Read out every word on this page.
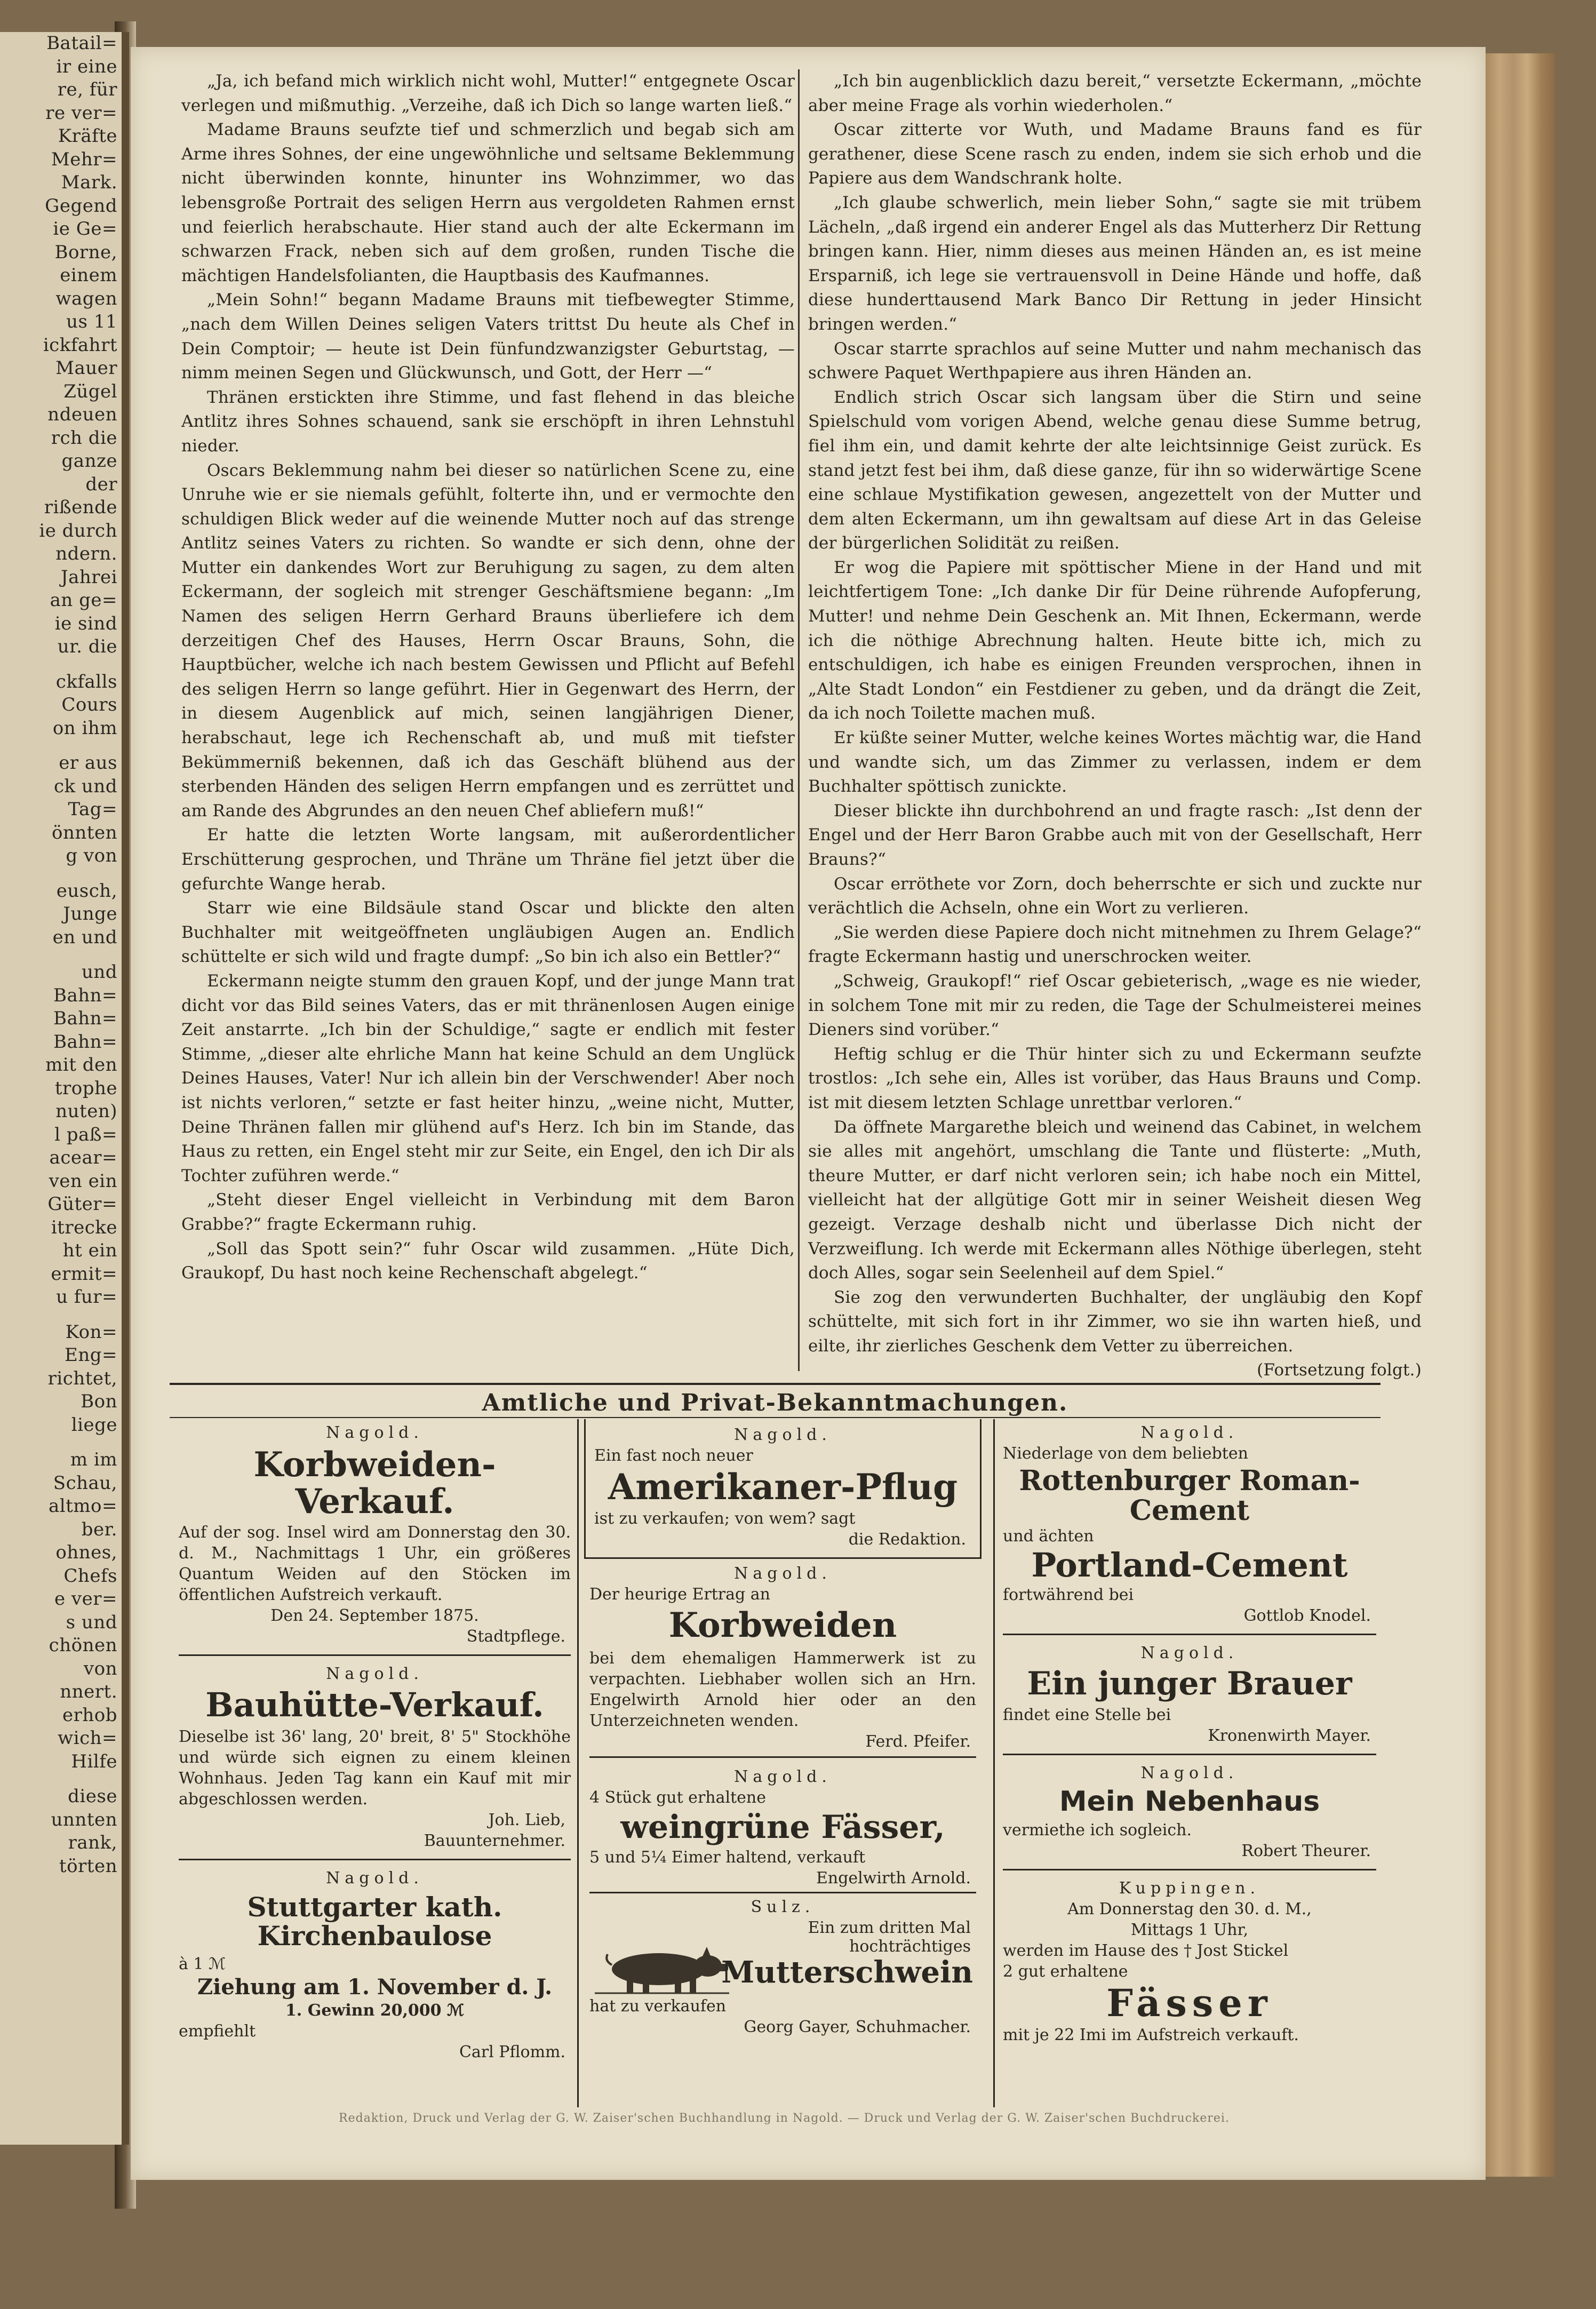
Batail=
ir eine
re, für
re ver=
Kräfte
Mehr=
Mark.
Gegend
ie Ge=
Borne,
einem
wagen
us 11
ickfahrt
Mauer
Zügel
ndeuen
rch die
ganze
der
rißende
ie durch
ndern.
Jahrei
an ge=
ie sind
ur. die
ckfalls
Cours
on ihm
er aus
ck und
Tag=
önnten
g von
eusch,
Junge
en und
und
Bahn=
Bahn=
Bahn=
mit den
trophe
nuten)
l paß=
acear=
ven ein
Güter=
itrecke
ht ein
ermit=
u fur=
Kon=
Eng=
richtet,
Bon
liege
m im
Schau,
altmo=
ber.
ohnes,
Chefs
e ver=
s und
chönen
von
nnert.
erhob
wich=
Hilfe
diese
unnten
rank,
törten

„Ja, ich befand mich wirklich nicht wohl, Mutter!“ entgegnete Oscar verlegen und mißmuthig. „Verzeihe, daß ich Dich so lange warten ließ.“

Madame Brauns seufzte tief und schmerzlich und begab sich am Arme ihres Sohnes, der eine ungewöhnliche und seltsame Beklemmung nicht überwinden konnte, hinunter ins Wohnzimmer, wo das lebensgroße Portrait des seligen Herrn aus vergoldeten Rahmen ernst und feierlich herabschaute. Hier stand auch der alte Eckermann im schwarzen Frack, neben sich auf dem großen, runden Tische die mächtigen Handelsfolianten, die Hauptbasis des Kaufmannes.

„Mein Sohn!“ begann Madame Brauns mit tiefbewegter Stimme, „nach dem Willen Deines seligen Vaters trittst Du heute als Chef in Dein Comptoir; — heute ist Dein fünfundzwanzigster Geburtstag, — nimm meinen Segen und Glückwunsch, und Gott, der Herr —“

Thränen erstickten ihre Stimme, und fast flehend in das bleiche Antlitz ihres Sohnes schauend, sank sie erschöpft in ihren Lehnstuhl nieder.

Oscars Beklemmung nahm bei dieser so natürlichen Scene zu, eine Unruhe wie er sie niemals gefühlt, folterte ihn, und er vermochte den schuldigen Blick weder auf die weinende Mutter noch auf das strenge Antlitz seines Vaters zu richten. So wandte er sich denn, ohne der Mutter ein dankendes Wort zur Beruhigung zu sagen, zu dem alten Eckermann, der sogleich mit strenger Geschäftsmiene begann: „Im Namen des seligen Herrn Gerhard Brauns überliefere ich dem derzeitigen Chef des Hauses, Herrn Oscar Brauns, Sohn, die Hauptbücher, welche ich nach bestem Gewissen und Pflicht auf Befehl des seligen Herrn so lange geführt. Hier in Gegenwart des Herrn, der in diesem Augenblick auf mich, seinen langjährigen Diener, herabschaut, lege ich Rechenschaft ab, und muß mit tiefster Bekümmerniß bekennen, daß ich das Geschäft blühend aus der sterbenden Händen des seligen Herrn empfangen und es zerrüttet und am Rande des Abgrundes an den neuen Chef abliefern muß!“

Er hatte die letzten Worte langsam, mit außerordentlicher Erschütterung gesprochen, und Thräne um Thräne fiel jetzt über die gefurchte Wange herab.

Starr wie eine Bildsäule stand Oscar und blickte den alten Buchhalter mit weitgeöffneten ungläubigen Augen an. Endlich schüttelte er sich wild und fragte dumpf: „So bin ich also ein Bettler?“

Eckermann neigte stumm den grauen Kopf, und der junge Mann trat dicht vor das Bild seines Vaters, das er mit thränenlosen Augen einige Zeit anstarrte. „Ich bin der Schuldige,“ sagte er endlich mit fester Stimme, „dieser alte ehrliche Mann hat keine Schuld an dem Unglück Deines Hauses, Vater! Nur ich allein bin der Verschwender! Aber noch ist nichts verloren,“ setzte er fast heiter hinzu, „weine nicht, Mutter, Deine Thränen fallen mir glühend auf's Herz. Ich bin im Stande, das Haus zu retten, ein Engel steht mir zur Seite, ein Engel, den ich Dir als Tochter zuführen werde.“

„Steht dieser Engel vielleicht in Verbindung mit dem Baron Grabbe?“ fragte Eckermann ruhig.

„Soll das Spott sein?“ fuhr Oscar wild zusammen. „Hüte Dich, Graukopf, Du hast noch keine Rechenschaft abgelegt.“

„Ich bin augenblicklich dazu bereit,“ versetzte Eckermann, „möchte aber meine Frage als vorhin wiederholen.“

Oscar zitterte vor Wuth, und Madame Brauns fand es für gerathener, diese Scene rasch zu enden, indem sie sich erhob und die Papiere aus dem Wandschrank holte.

„Ich glaube schwerlich, mein lieber Sohn,“ sagte sie mit trübem Lächeln, „daß irgend ein anderer Engel als das Mutterherz Dir Rettung bringen kann. Hier, nimm dieses aus meinen Händen an, es ist meine Ersparniß, ich lege sie vertrauensvoll in Deine Hände und hoffe, daß diese hunderttausend Mark Banco Dir Rettung in jeder Hinsicht bringen werden.“

Oscar starrte sprachlos auf seine Mutter und nahm mechanisch das schwere Paquet Werthpapiere aus ihren Händen an.

Endlich strich Oscar sich langsam über die Stirn und seine Spielschuld vom vorigen Abend, welche genau diese Summe betrug, fiel ihm ein, und damit kehrte der alte leichtsinnige Geist zurück. Es stand jetzt fest bei ihm, daß diese ganze, für ihn so widerwärtige Scene eine schlaue Mystifikation gewesen, angezettelt von der Mutter und dem alten Eckermann, um ihn gewaltsam auf diese Art in das Geleise der bürgerlichen Solidität zu reißen.

Er wog die Papiere mit spöttischer Miene in der Hand und mit leichtfertigem Tone: „Ich danke Dir für Deine rührende Aufopferung, Mutter! und nehme Dein Geschenk an. Mit Ihnen, Eckermann, werde ich die nöthige Abrechnung halten. Heute bitte ich, mich zu entschuldigen, ich habe es einigen Freunden versprochen, ihnen in „Alte Stadt London“ ein Festdiener zu geben, und da drängt die Zeit, da ich noch Toilette machen muß.

Er küßte seiner Mutter, welche keines Wortes mächtig war, die Hand und wandte sich, um das Zimmer zu verlassen, indem er dem Buchhalter spöttisch zunickte.

Dieser blickte ihn durchbohrend an und fragte rasch: „Ist denn der Engel und der Herr Baron Grabbe auch mit von der Gesellschaft, Herr Brauns?“

Oscar erröthete vor Zorn, doch beherrschte er sich und zuckte nur verächtlich die Achseln, ohne ein Wort zu verlieren.

„Sie werden diese Papiere doch nicht mitnehmen zu Ihrem Gelage?“ fragte Eckermann hastig und unerschrocken weiter.

„Schweig, Graukopf!“ rief Oscar gebieterisch, „wage es nie wieder, in solchem Tone mit mir zu reden, die Tage der Schulmeisterei meines Dieners sind vorüber.“

Heftig schlug er die Thür hinter sich zu und Eckermann seufzte trostlos: „Ich sehe ein, Alles ist vorüber, das Haus Brauns und Comp. ist mit diesem letzten Schlage unrettbar verloren.“

Da öffnete Margarethe bleich und weinend das Cabinet, in welchem sie alles mit angehört, umschlang die Tante und flüsterte: „Muth, theure Mutter, er darf nicht verloren sein; ich habe noch ein Mittel, vielleicht hat der allgütige Gott mir in seiner Weisheit diesen Weg gezeigt. Verzage deshalb nicht und überlasse Dich nicht der Verzweiflung. Ich werde mit Eckermann alles Nöthige überlegen, steht doch Alles, sogar sein Seelenheil auf dem Spiel.“

Sie zog den verwunderten Buchhalter, der ungläubig den Kopf schüttelte, mit sich fort in ihr Zimmer, wo sie ihn warten hieß, und eilte, ihr zierliches Geschenk dem Vetter zu überreichen.

(Fortsetzung folgt.)

Amtliche und Privat-Bekanntmachungen.
Nagold.
Korbweiden-Verkauf.
Auf der sog. Insel wird am Donnerstag den 30. d. M., Nachmittags 1 Uhr, ein größeres Quantum Weiden auf den Stöcken im öffentlichen Aufstreich verkauft.
Den 24. September 1875.
Stadtpflege.
Nagold.
Bauhütte-Verkauf.
Dieselbe ist 36' lang, 20' breit, 8' 5" Stockhöhe und würde sich eignen zu einem kleinen Wohnhaus. Jeden Tag kann ein Kauf mit mir abgeschlossen werden.
Joh. Lieb,
Bauunternehmer.
Nagold.
Stuttgarter kath.
Kirchenbaulose
à 1 ℳ
Ziehung am 1. November d. J.
1. Gewinn 20,000 ℳ
empfiehlt
Carl Pflomm.
Nagold.
Ein fast noch neuer
Amerikaner-Pflug
ist zu verkaufen; von wem? sagt
die Redaktion.
Nagold.
Der heurige Ertrag an
Korbweiden
bei dem ehemaligen Hammerwerk ist zu verpachten. Liebhaber wollen sich an Hrn. Engelwirth Arnold hier oder an den Unterzeichneten wenden.
Ferd. Pfeifer.
Nagold.
4 Stück gut erhaltene
weingrüne Fässer,
5 und 5¼ Eimer haltend, verkauft
Engelwirth Arnold.
Sulz.
Ein zum dritten Mal
hochträchtiges
Mutterschwein
hat zu verkaufen
Georg Gayer, Schuhmacher.
Nagold.
Niederlage von dem beliebten
Rottenburger Roman-
Cement
und ächten
Portland-Cement
fortwährend bei
Gottlob Knodel.
Nagold.
Ein junger Brauer
findet eine Stelle bei
Kronenwirth Mayer.
Nagold.
Mein Nebenhaus
vermiethe ich sogleich.
Robert Theurer.
Kuppingen.
Am Donnerstag den 30. d. M.,
Mittags 1 Uhr,
werden im Hause des † Jost Stickel
2 gut erhaltene
Fässer
mit je 22 Imi im Aufstreich verkauft.
Redaktion, Druck und Verlag der G. W. Zaiser'schen Buchhandlung in Nagold. — Druck und Verlag der G. W. Zaiser'schen Buchdruckerei.
